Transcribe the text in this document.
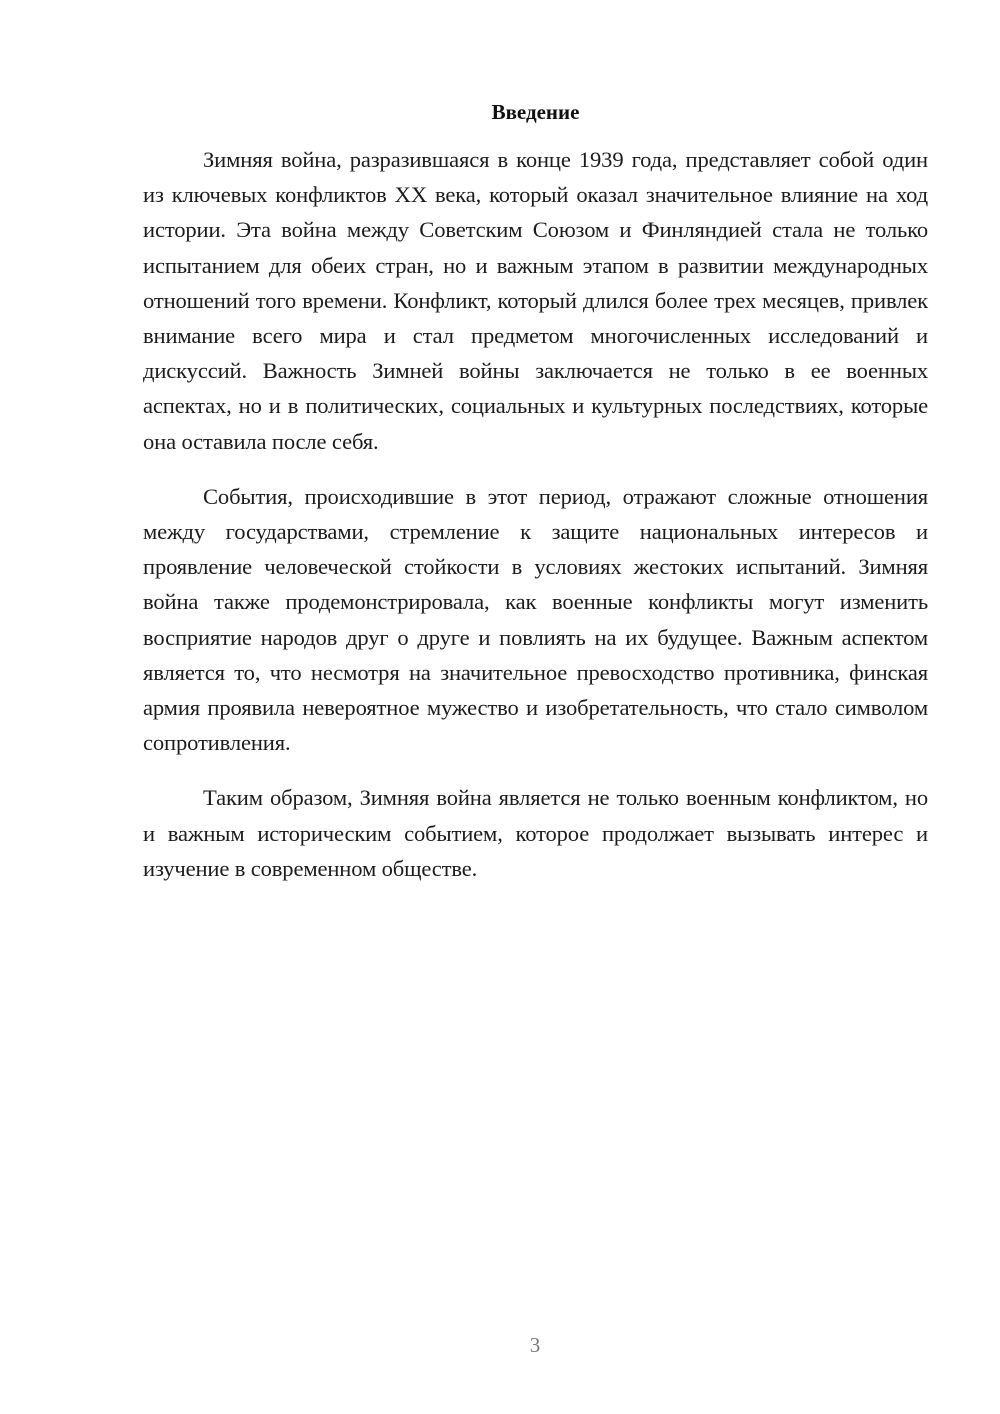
Введение

Зимняя война, разразившаяся в конце 1939 года, представляет собой один из ключевых конфликтов XX века, который оказал значительное влияние на ход истории. Эта война между Советским Союзом и Финляндией стала не только испытанием для обеих стран, но и важным этапом в развитии международных отношений того времени. Конфликт, который длился более трех месяцев, привлек внимание всего мира и стал предметом многочисленных исследований и дискуссий. Важность Зимней войны заключается не только в ее военных аспектах, но и в политических, социальных и культурных последствиях, которые она оставила после себя.

События, происходившие в этот период, отражают сложные отношения между государствами, стремление к защите национальных интересов и проявление человеческой стойкости в условиях жестоких испытаний. Зимняя война также продемонстрировала, как военные конфликты могут изменить восприятие народов друг о друге и повлиять на их будущее. Важным аспектом является то, что несмотря на значительное превосходство противника, финская армия проявила невероятное мужество и изобретательность, что стало символом сопротивления.

Таким образом, Зимняя война является не только военным конфликтом, но и важным историческим событием, которое продолжает вызывать интерес и изучение в современном обществе.

3
